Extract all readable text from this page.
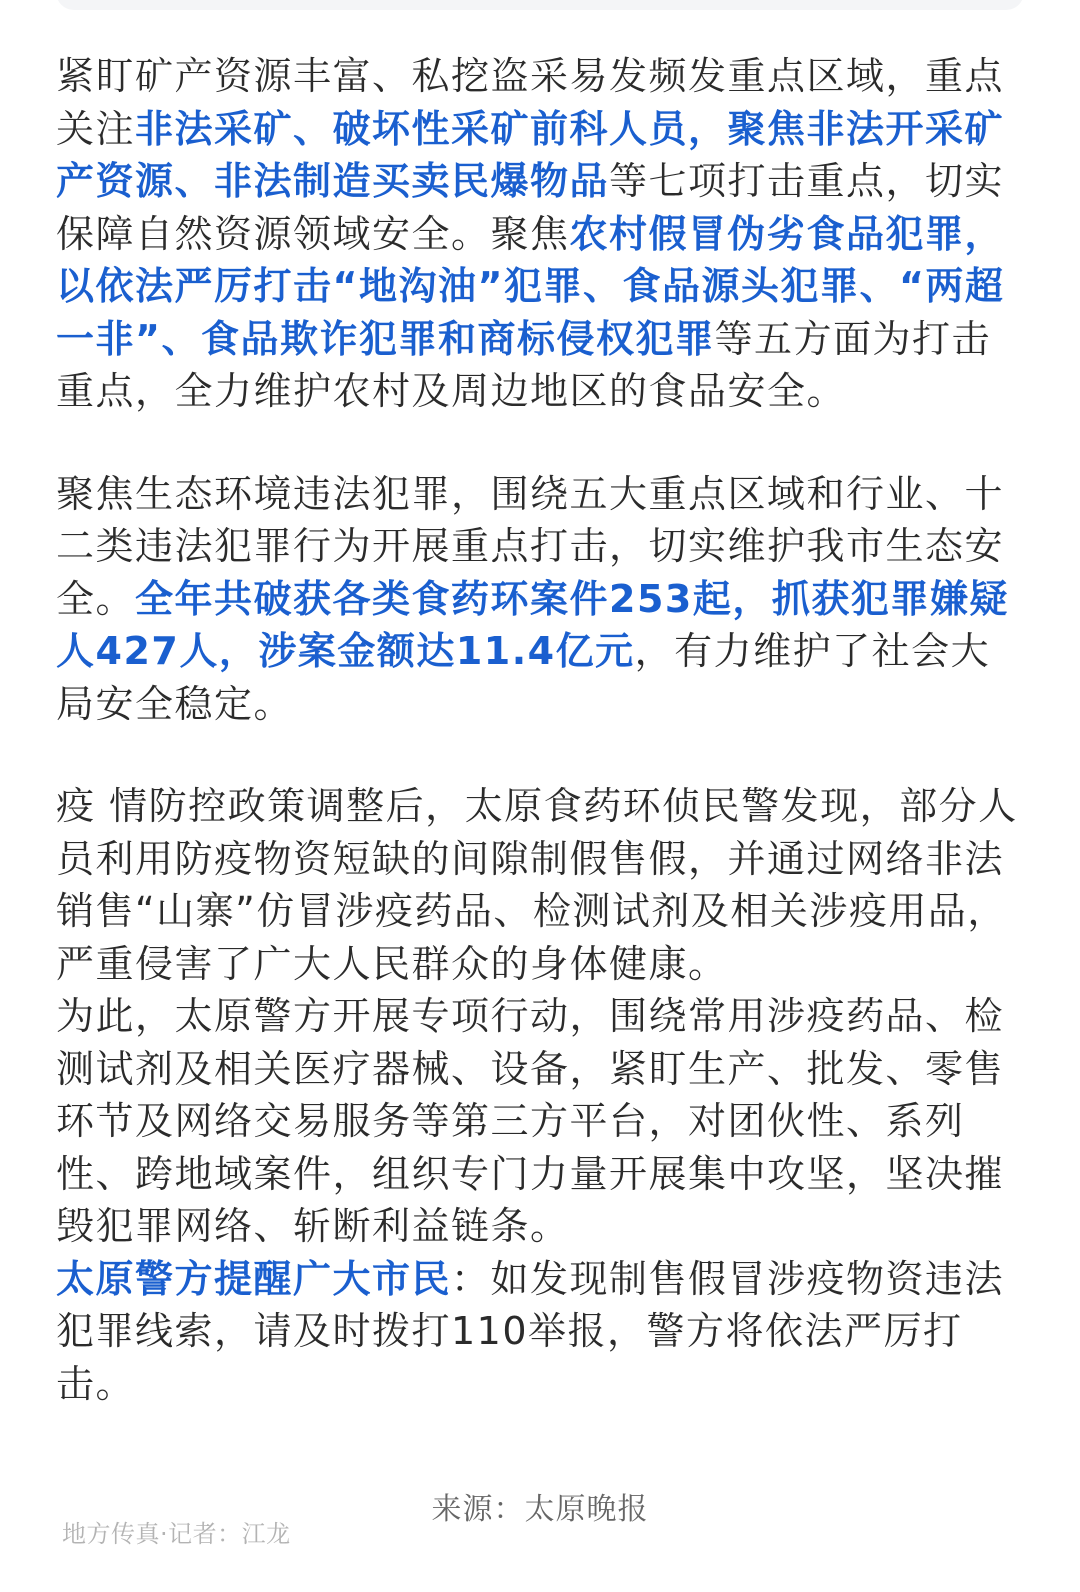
紧盯矿产资源丰富、私挖盗采易发频发重点区域，重点关注非法采矿、破坏性采矿前科人员，聚焦非法开采矿产资源、非法制造买卖民爆物品等七项打击重点，切实保障自然资源领域安全。聚焦农村假冒伪劣食品犯罪，以依法严厉打击“地沟油”犯罪、食品源头犯罪、“两超一非”、食品欺诈犯罪和商标侵权犯罪等五方面为打击重点，全力维护农村及周边地区的食品安全。

聚焦生态环境违法犯罪，围绕五大重点区域和行业、十二类违法犯罪行为开展重点打击，切实维护我市生态安全。全年共破获各类食药环案件253起，抓获犯罪嫌疑人427人，涉案金额达11.4亿元，有力维护了社会大局安全稳定。

疫 情防控政策调整后，太原食药环侦民警发现，部分人员利用防疫物资短缺的间隙制假售假，并通过网络非法销售“山寨”仿冒涉疫药品、检测试剂及相关涉疫用品，严重侵害了广大人民群众的身体健康。

为此，太原警方开展专项行动，围绕常用涉疫药品、检测试剂及相关医疗器械、设备，紧盯生产、批发、零售环节及网络交易服务等第三方平台，对团伙性、系列性、跨地域案件，组织专门力量开展集中攻坚，坚决摧毁犯罪网络、斩断利益链条。

太原警方提醒广大市民：如发现制售假冒涉疫物资违法犯罪线索，请及时拨打110举报，警方将依法严厉打击。

来源：太原晚报
地方传真·记者：江龙
